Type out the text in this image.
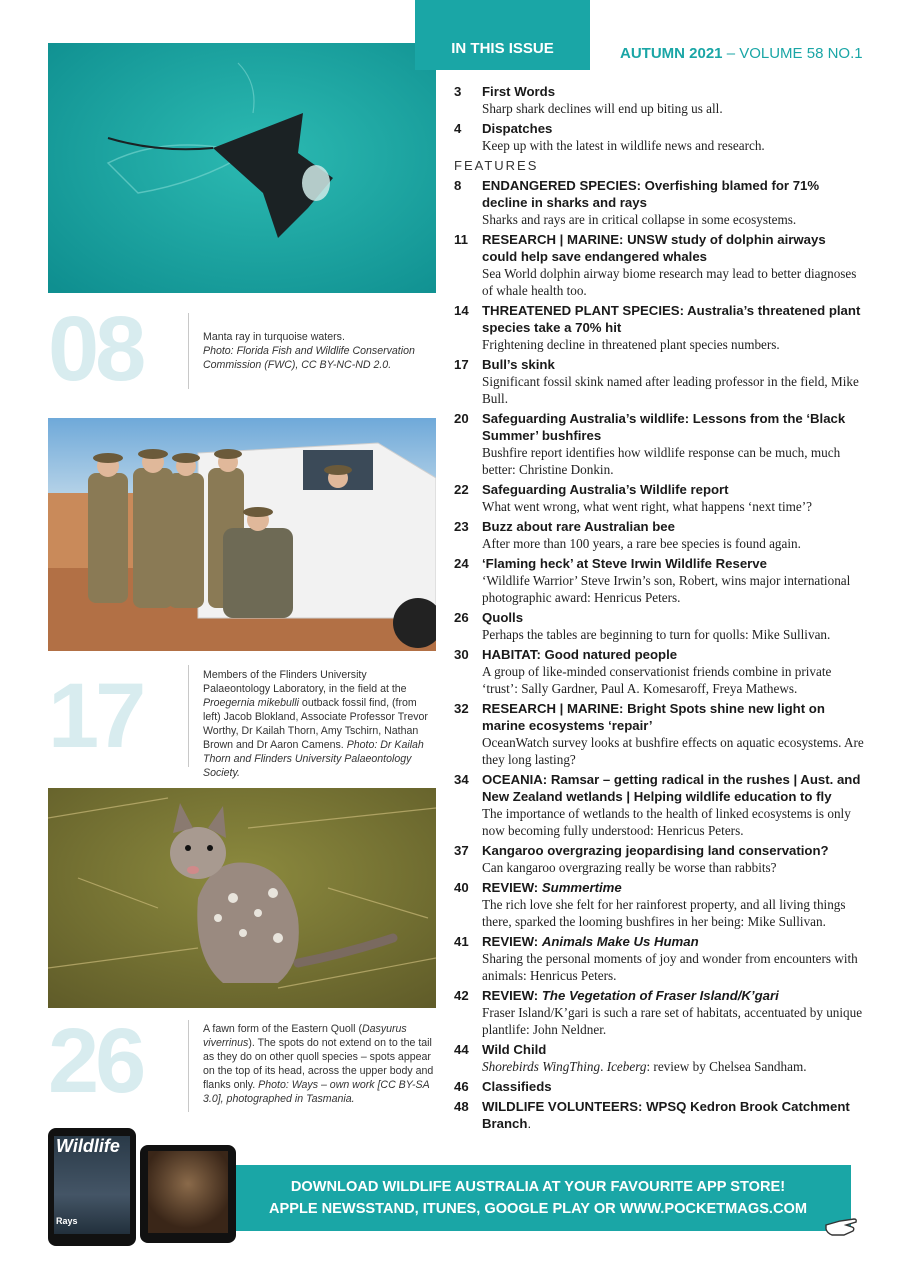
08	Manta ray in turquoise waters.
Photo: Florida Fish and Wildlife Conservation Commission (FWC), CC BY-NC-ND 2.0.
17	Members of the Flinders University Palaeontology Laboratory, in the field at the Proegernia mikebulli outback fossil find, (from left) Jacob Blokland, Associate Professor Trevor Worthy, Dr Kailah Thorn, Amy Tschirn, Nathan Brown and Dr Aaron Camens. Photo: Dr Kailah Thorn and Flinders University Palaeontology Society.
26	A fawn form of the Eastern Quoll (Dasyurus viverrinus). The spots do not extend on to the tail as they do on other quoll species – spots appear on the top of its head, across the upper body and flanks only. Photo: Ways – own work [CC BY-SA 3.0], photographed in Tasmania.
IN THIS ISSUE	AUTUMN 2021 – VOLUME 58 NO.1
3	First Words
Sharp shark declines will end up biting us all.
4	Dispatches
Keep up with the latest in wildlife news and research.
FEATURES
8	ENDANGERED SPECIES: Overfishing blamed for 71% decline in sharks and rays
Sharks and rays are in critical collapse in some ecosystems.
11	RESEARCH | MARINE: UNSW study of dolphin airways could help save endangered whales
Sea World dolphin airway biome research may lead to better diagnoses of whale health too.
14	THREATENED PLANT SPECIES: Australia’s threatened plant species take a 70% hit
Frightening decline in threatened plant species numbers.
17	Bull’s skink
Significant fossil skink named after leading professor in the field, Mike Bull.
20	Safeguarding Australia’s wildlife: Lessons from the ‘Black Summer’ bushfires
Bushfire report identifies how wildlife response can be much, much better: Christine Donkin.
22	Safeguarding Australia’s Wildlife report
What went wrong, what went right, what happens ‘next time’?
23	Buzz about rare Australian bee
After more than 100 years, a rare bee species is found again.
24	‘Flaming heck’ at Steve Irwin Wildlife Reserve
‘Wildlife Warrior’ Steve Irwin’s son, Robert, wins major international photographic award: Henricus Peters.
26	Quolls
Perhaps the tables are beginning to turn for quolls: Mike Sullivan.
30	HABITAT: Good natured people
A group of like-minded conservationist friends combine in private ‘trust’: Sally Gardner, Paul A. Komesaroff, Freya Mathews.
32	RESEARCH | MARINE: Bright Spots shine new light on marine ecosystems ‘repair’
OceanWatch survey looks at bushfire effects on aquatic ecosystems. Are they long lasting?
34	OCEANIA: Ramsar – getting radical in the rushes | Aust. and New Zealand wetlands | Helping wildlife education to fly
The importance of wetlands to the health of linked ecosystems is only now becoming fully understood: Henricus Peters.
37	Kangaroo overgrazing jeopardising land conservation?
Can kangaroo overgrazing really be worse than rabbits?
40	REVIEW: Summertime
The rich love she felt for her rainforest property, and all living things there, sparked the looming bushfires in her being: Mike Sullivan.
41	REVIEW: Animals Make Us Human
Sharing the personal moments of joy and wonder from encounters with animals: Henricus Peters.
42	REVIEW: The Vegetation of Fraser Island/K’gari
Fraser Island/K’gari is such a rare set of habitats, accentuated by unique plantlife: John Neldner.
44	Wild Child
Shorebirds WingThing. Iceberg: review by Chelsea Sandham.
46	Classifieds
48	WILDLIFE VOLUNTEERS: WPSQ Kedron Brook Catchment Branch.
DOWNLOAD WILDLIFE AUSTRALIA AT YOUR FAVOURITE APP STORE!
APPLE NEWSSTAND, ITUNES, GOOGLE PLAY OR WWW.POCKETMAGS.COM
Wildlife
Rays
